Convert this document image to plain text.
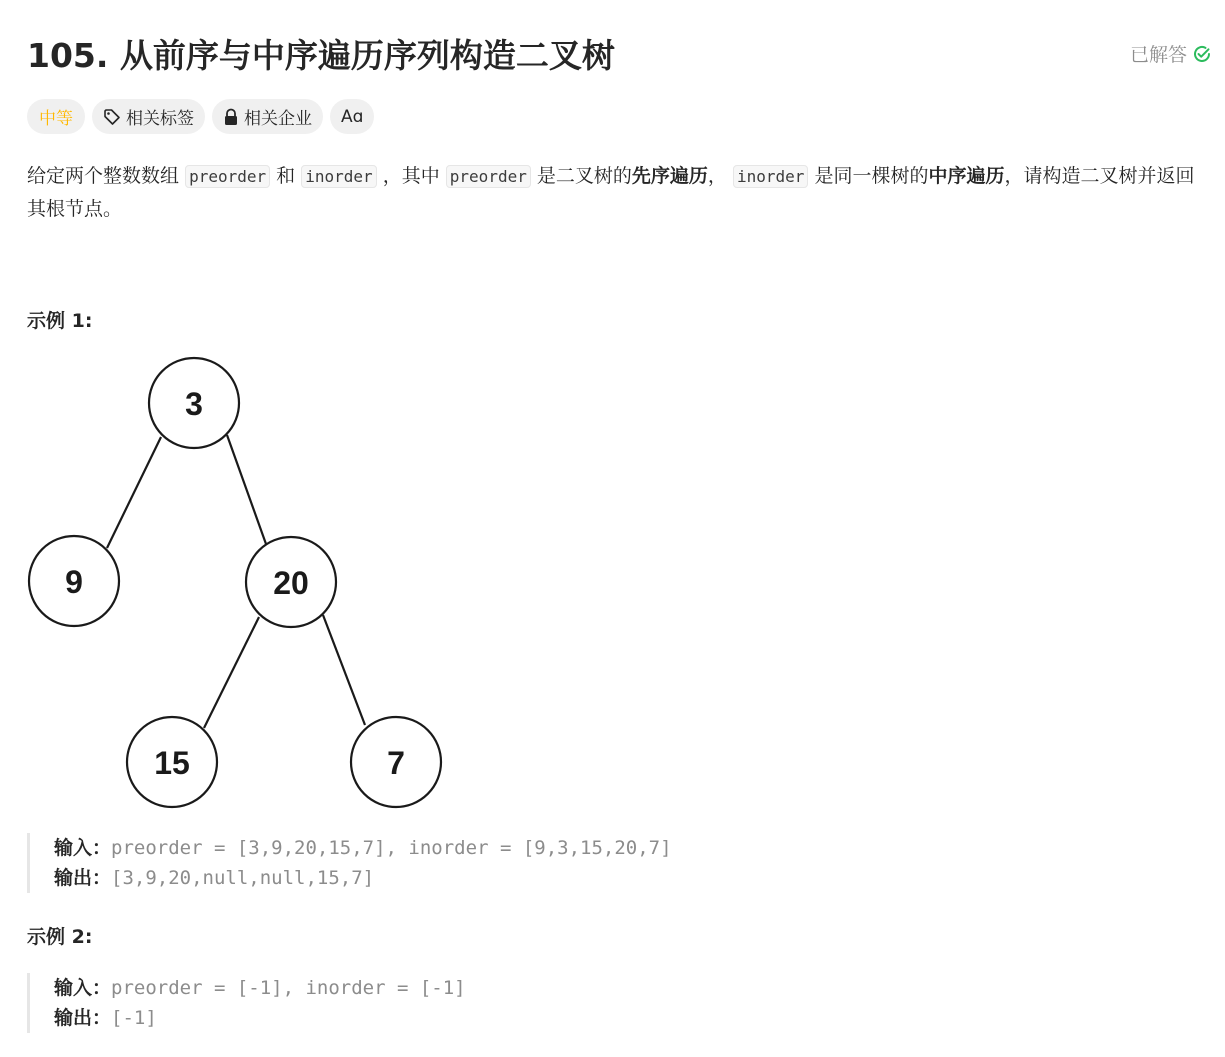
105. 从前序与中序遍历序列构造二叉树	已解答
中等	相关标签	相关企业 Aɑ
给定两个整数数组 preorder 和 inorder ，其中 preorder 是二叉树的先序遍历， inorder 是同一棵树的中序遍历，请构造二叉树并返回其根节点。
示例 1:
3
9	20
15	7
输入：preorder = [3,9,20,15,7], inorder = [9,3,15,20,7]
输出：[3,9,20,null,null,15,7]
示例 2:
输入：preorder = [-1], inorder = [-1]
输出：[-1]
